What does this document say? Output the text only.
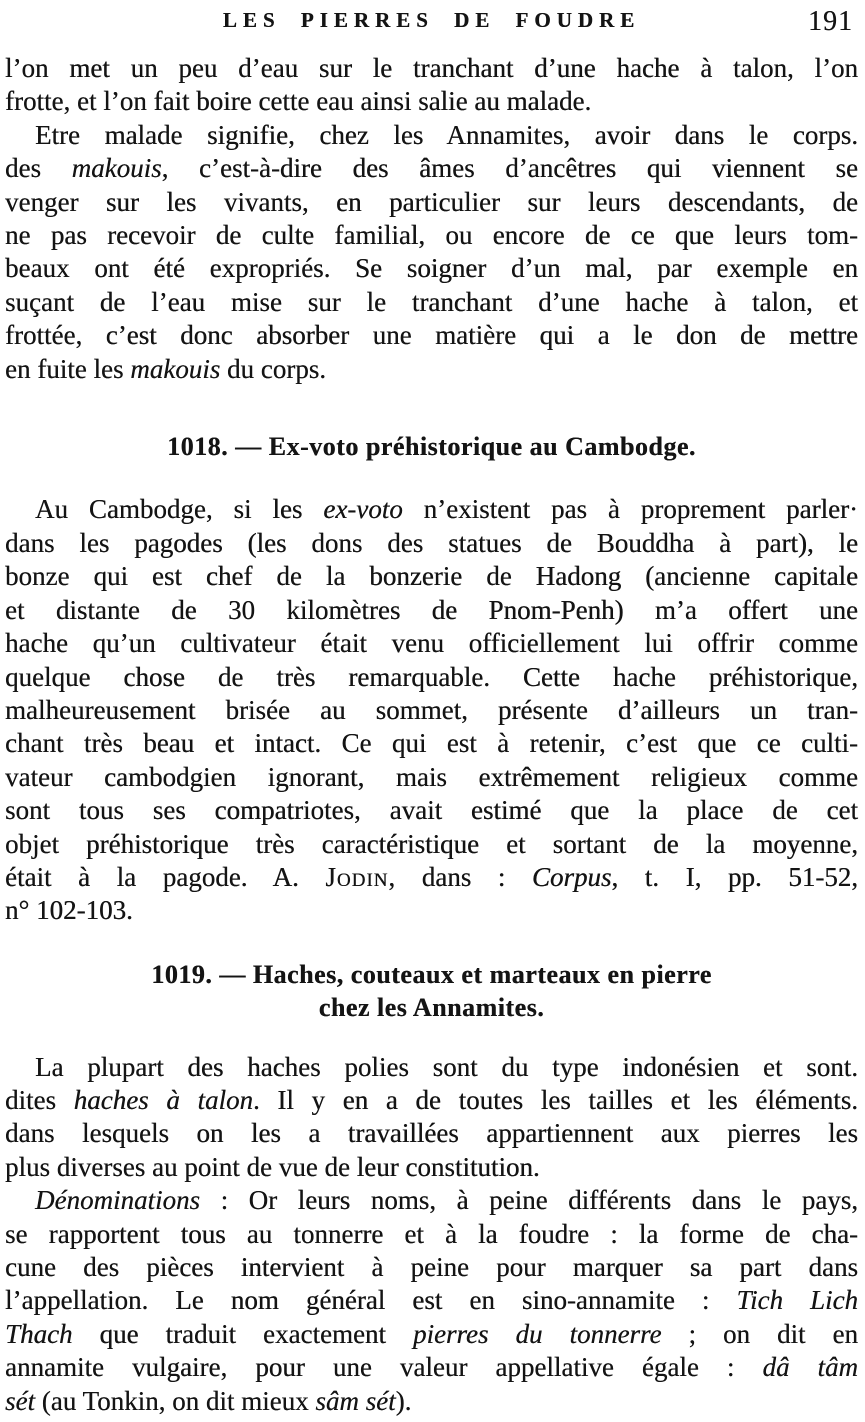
LES PIERRES DE FOUDRE	191
l’on met un peu d’eau sur le tranchant d’une hache à talon, l’on
frotte, et l’on fait boire cette eau ainsi salie au malade.
Etre malade signifie, chez les Annamites, avoir dans le corps.
des makouis, c’est-à-dire des âmes d’ancêtres qui viennent se
venger sur les vivants, en particulier sur leurs descendants, de
ne pas recevoir de culte familial, ou encore de ce que leurs tom-
beaux ont été expropriés. Se soigner d’un mal, par exemple en
suçant de l’eau mise sur le tranchant d’une hache à talon, et
frottée, c’est donc absorber une matière qui a le don de mettre
en fuite les makouis du corps.
1018. — Ex-voto préhistorique au Cambodge.
Au Cambodge, si les ex-voto n’existent pas à proprement parler·
dans les pagodes (les dons des statues de Bouddha à part), le
bonze qui est chef de la bonzerie de Hadong (ancienne capitale
et distante de 30 kilomètres de Pnom-Penh) m’a offert une
hache qu’un cultivateur était venu officiellement lui offrir comme
quelque chose de très remarquable. Cette hache préhistorique,
malheureusement brisée au sommet, présente d’ailleurs un tran-
chant très beau et intact. Ce qui est à retenir, c’est que ce culti-
vateur cambodgien ignorant, mais extrêmement religieux comme
sont tous ses compatriotes, avait estimé que la place de cet
objet préhistorique très caractéristique et sortant de la moyenne,
était à la pagode. A. Jodin, dans : Corpus, t. I, pp. 51-52,
n° 102-103.
1019. — Haches, couteaux et marteaux en pierre
chez les Annamites.
La plupart des haches polies sont du type indonésien et sont.
dites haches à talon. Il y en a de toutes les tailles et les éléments.
dans lesquels on les a travaillées appartiennent aux pierres les
plus diverses au point de vue de leur constitution.
Dénominations : Or leurs noms, à peine différents dans le pays,
se rapportent tous au tonnerre et à la foudre : la forme de cha-
cune des pièces intervient à peine pour marquer sa part dans
l’appellation. Le nom général est en sino-annamite : Tich Lich
Thach que traduit exactement pierres du tonnerre ; on dit en
annamite vulgaire, pour une valeur appellative égale : dâ tâm
sét (au Tonkin, on dit mieux sâm sét).
